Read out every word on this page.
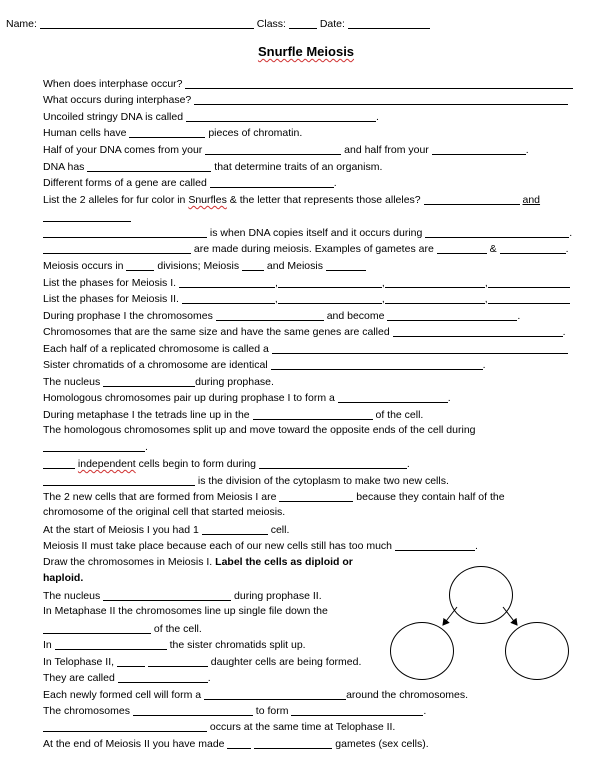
Name:	Class:	Date:
Snurfle Meiosis
When does interphase occur?
What occurs during interphase?
Uncoiled stringy DNA is called	.
Human cells have	pieces of chromatin.
Half of your DNA comes from your	and half from your	.
DNA has	that determine traits of an organism.
Different forms of a gene are called	.
List the 2 alleles for fur color in Snurfles & the letter that represents those alleles?	and
is when DNA copies itself and it occurs during	.
are made during meiosis. Examples of gametes are	&	.
Meiosis occurs in	divisions; Meiosis	and Meiosis
List the phases for Meiosis I.	,	,	,
List the phases for Meiosis II.	,	,	,
During prophase I the chromosomes	and become	.
Chromosomes that are the same size and have the same genes are called	.
Each half of a replicated chromosome is called a
Sister chromatids of a chromosome are identical	.
The nucleus	during prophase.
Homologous chromosomes pair up during prophase I to form a	.
During metaphase I the tetrads line up in the	of the cell.
The homologous chromosomes split up and move toward the opposite ends of the cell during
.
independent cells begin to form during	.
is the division of the cytoplasm to make two new cells.
The 2 new cells that are formed from Meiosis I are	because they contain half of the
chromosome of the original cell that started meiosis.
At the start of Meiosis I you had 1	cell.
Meiosis II must take place because each of our new cells still has too much	.
Draw the chromosomes in Meiosis I. Label the cells as diploid or
haploid.
The nucleus	during prophase II.
In Metaphase II the chromosomes line up single file down the
of the cell.
In	the sister chromatids split up.
In Telophase II,	daughter cells are being formed.
They are called	.
Each newly formed cell will form a	around the chromosomes.
The chromosomes	to form	.
occurs at the same time at Telophase II.
At the end of Meiosis II you have made	gametes (sex cells).
